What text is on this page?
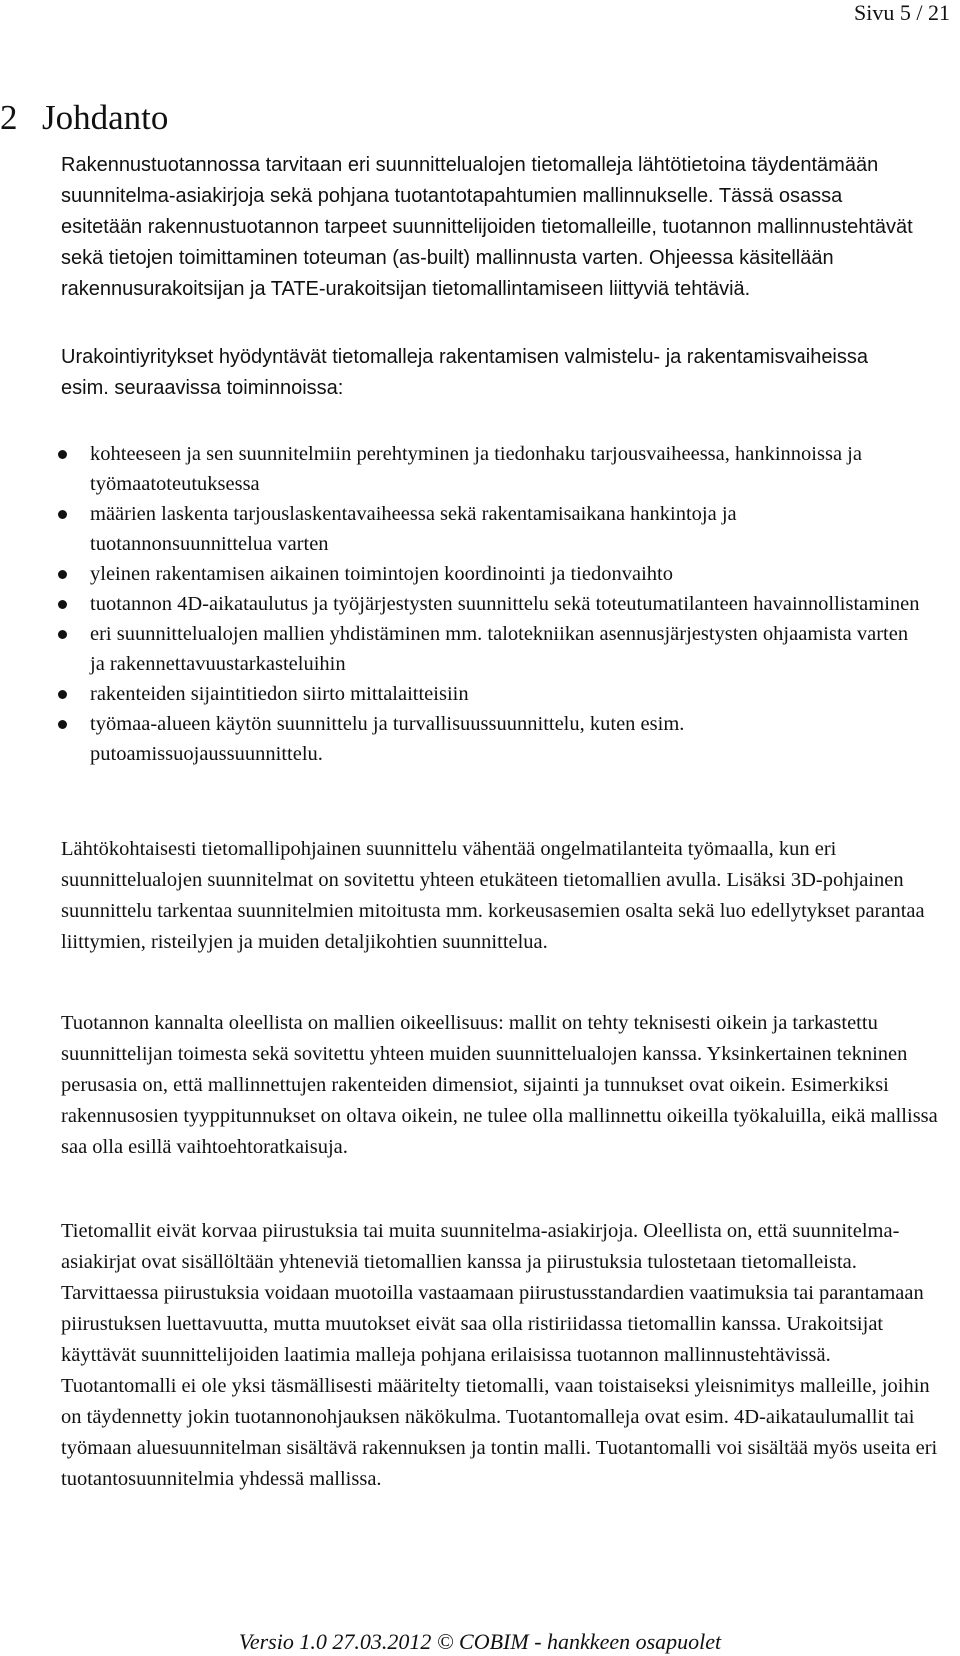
Sivu 5 / 21
2 Johdanto

Rakennustuotannossa tarvitaan eri suunnittelualojen tietomalleja lähtötietoina täydentämään suunnitelma-asiakirjoja sekä pohjana tuotantotapahtumien mallinnukselle. Tässä osassa esitetään rakennustuotannon tarpeet suunnittelijoiden tietomalleille, tuotannon mallinnustehtävät sekä tietojen toimittaminen toteuman (as-built) mallinnusta varten. Ohjeessa käsitellään rakennusurakoitsijan ja TATE-urakoitsijan tietomallintamiseen liittyviä tehtäviä.

Urakointiyritykset hyödyntävät tietomalleja rakentamisen valmistelu- ja rakentamisvaiheissa esim. seuraavissa toiminnoissa:

kohteeseen ja sen suunnitelmiin perehtyminen ja tiedonhaku tarjousvaiheessa, hankinnoissa ja työmaatoteutuksessa
määrien laskenta tarjouslaskentavaiheessa sekä rakentamisaikana hankintoja ja tuotannonsuunnittelua varten
yleinen rakentamisen aikainen toimintojen koordinointi ja tiedonvaihto
tuotannon 4D-aikataulutus ja työjärjestysten suunnittelu sekä toteutumatilanteen havainnollistaminen
eri suunnittelualojen mallien yhdistäminen mm. talotekniikan asennusjärjestysten ohjaamista varten ja rakennettavuustarkasteluihin
rakenteiden sijaintitiedon siirto mittalaitteisiin
työmaa-alueen käytön suunnittelu ja turvallisuussuunnittelu, kuten esim. putoamissuojaussuunnittelu.

Lähtökohtaisesti tietomallipohjainen suunnittelu vähentää ongelmatilanteita työmaalla, kun eri suunnittelualojen suunnitelmat on sovitettu yhteen etukäteen tietomallien avulla. Lisäksi 3D-pohjainen suunnittelu tarkentaa suunnitelmien mitoitusta mm. korkeusasemien osalta sekä luo edellytykset parantaa liittymien, risteilyjen ja muiden detaljikohtien suunnittelua.

Tuotannon kannalta oleellista on mallien oikeellisuus: mallit on tehty teknisesti oikein ja tarkastettu suunnittelijan toimesta sekä sovitettu yhteen muiden suunnittelualojen kanssa. Yksinkertainen tekninen perusasia on, että mallinnettujen rakenteiden dimensiot, sijainti ja tunnukset ovat oikein. Esimerkiksi rakennusosien tyyppitunnukset on oltava oikein, ne tulee olla mallinnettu oikeilla työkaluilla, eikä mallissa saa olla esillä vaihtoehtoratkaisuja.

Tietomallit eivät korvaa piirustuksia tai muita suunnitelma-asiakirjoja. Oleellista on, että suunnitelma-asiakirjat ovat sisällöltään yhteneviä tietomallien kanssa ja piirustuksia tulostetaan tietomalleista. Tarvittaessa piirustuksia voidaan muotoilla vastaamaan piirustusstandardien vaatimuksia tai parantamaan piirustuksen luettavuutta, mutta muutokset eivät saa olla ristiriidassa tietomallin kanssa. Urakoitsijat käyttävät suunnittelijoiden laatimia malleja pohjana erilaisissa tuotannon mallinnustehtävissä. Tuotantomalli ei ole yksi täsmällisesti määritelty tietomalli, vaan toistaiseksi yleisnimitys malleille, joihin on täydennetty jokin tuotannonohjauksen näkökulma. Tuotantomalleja ovat esim. 4D-aikataulumallit tai työmaan aluesuunnitelman sisältävä rakennuksen ja tontin malli. Tuotantomalli voi sisältää myös useita eri tuotantosuunnitelmia yhdessä mallissa.

Versio 1.0 27.03.2012 © COBIM - hankkeen osapuolet
